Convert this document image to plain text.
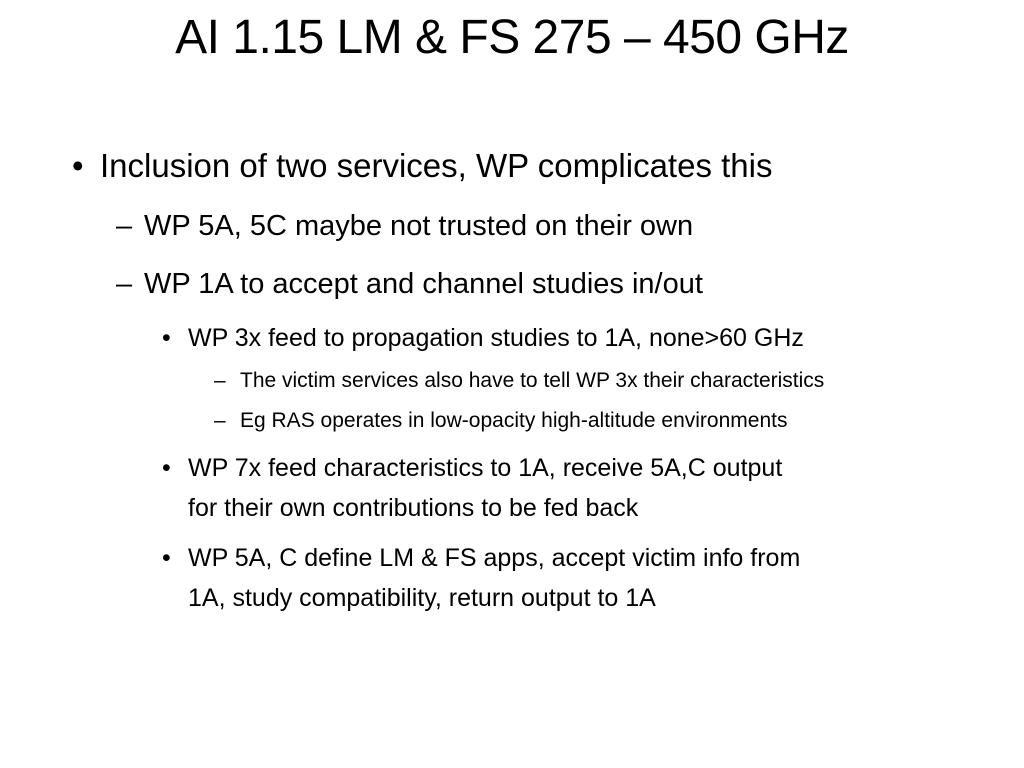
AI 1.15 LM & FS 275 – 450 GHz
• Inclusion of two services, WP complicates this
– WP 5A, 5C maybe not trusted on their own
– WP 1A to accept and channel studies in/out
• WP 3x feed to propagation studies to 1A, none>60 GHz
– The victim services also have to tell WP 3x their characteristics
– Eg RAS operates in low-opacity high-altitude environments
• WP 7x feed characteristics to 1A, receive 5A,C output
for their own contributions to be fed back
• WP 5A, C define LM & FS apps, accept victim info from
1A, study compatibility, return output to 1A
